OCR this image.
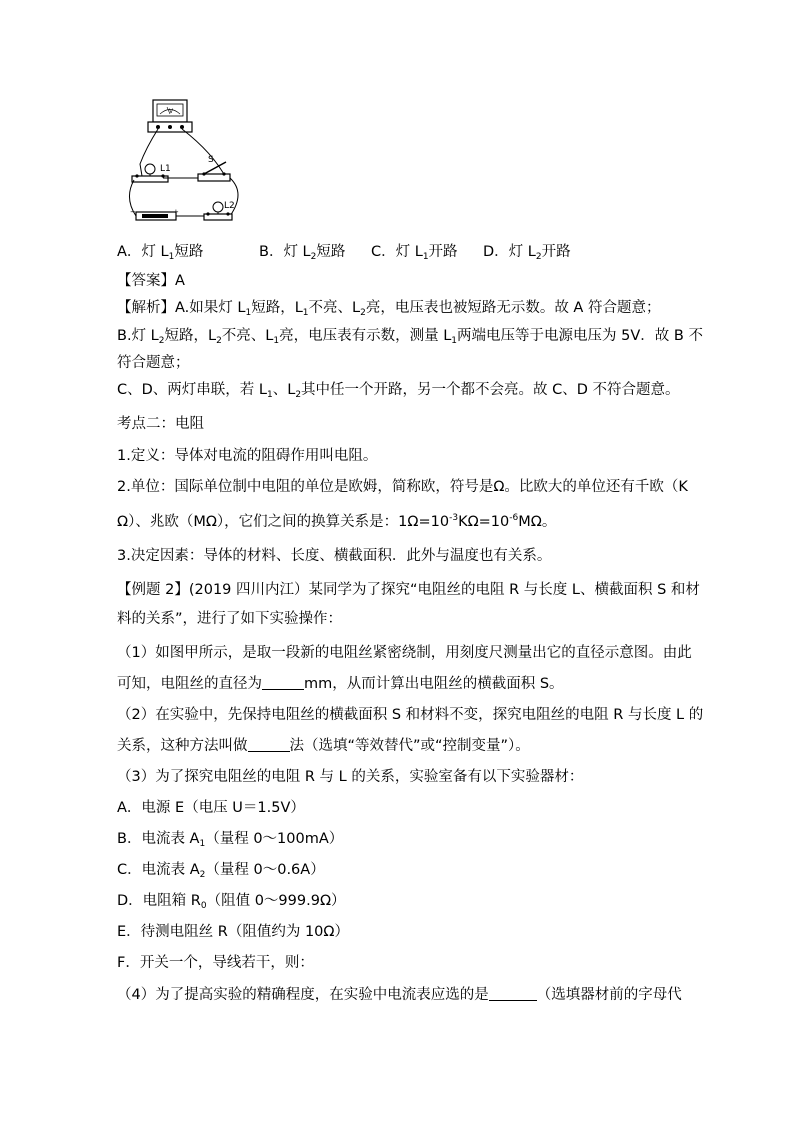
V
L1
S
−	+
L2
A．灯 $L_1$短路	B．灯 $L_2$短路 C．灯 $L_1$开路 D．灯 $L_2$开路
【答案】A
【解析】A.如果灯 $L_1$短路，$L_1$不亮、$L_2$亮，电压表也被短路无示数。故 A 符合题意；
B.灯 $L_2$短路，$L_2$不亮、$L_1$亮，电压表有示数，测量 $L_1$两端电压等于电源电压为 5V．故 B 不
符合题意；
C、D、两灯串联，若 $L_1$、$L_2$其中任一个开路，另一个都不会亮。故 C、D 不符合题意。
考点二：电阻
1.定义：导体对电流的阻碍作用叫电阻。
2.单位：国际单位制中电阻的单位是欧姆，简称欧，符号是Ω。比欧大的单位还有千欧（K
Ω）、兆欧（MΩ），它们之间的换算关系是：$1\Omega=10^{-3}K\Omega=10^{-6}M\Omega$。
3.决定因素：导体的材料、长度、横截面积．此外与温度也有关系。
【例题 2】(2019 四川内江）某同学为了探究“电阻丝的电阻 R 与长度 L、横截面积 S 和材
料的关系”，进行了如下实验操作：
（1）如图甲所示，是取一段新的电阻丝紧密绕制，用刻度尺测量出它的直径示意图。由此
可知，电阻丝的直径为	mm，从而计算出电阻丝的横截面积 S。
（2）在实验中，先保持电阻丝的横截面积 S 和材料不变，探究电阻丝的电阻 R 与长度 L 的
关系，这种方法叫做	法（选填“等效替代”或“控制变量”）。
（3）为了探究电阻丝的电阻 R 与 L 的关系，实验室备有以下实验器材：
A．电源 E（电压 U＝1.5V）
B．电流表 $A_1$（量程 0～100mA）
C．电流表 $A_2$（量程 0～0.6A）
D．电阻箱 $R_0$（阻值 0～999.9Ω）
E．待测电阻丝 R（阻值约为 10Ω）
F．开关一个，导线若干，则：
（4）为了提高实验的精确程度，在实验中电流表应选的是	（选填器材前的字母代
